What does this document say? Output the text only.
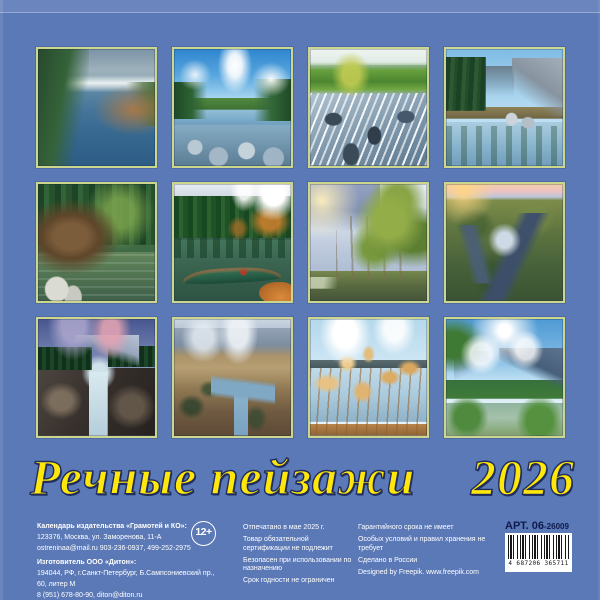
Речные пейзажи 2026
Календарь издательства «Грамотей и КО»:
123376, Москва, ул. Заморенова, 11-А
ostreninaa@mail.ru 903-236-0937, 499-252-2975
Изготовитель ООО «Дитон»:
194044, РФ, г.Санкт-Петербург, Б.Сампсониевский пр., 60, литер М
8 (951) 678-80-90, diton@diton.ru
12+	Отпечатано в мае 2025 г.
Товар обязательной сертификации не подлежит
Безопасен при использовании по назначению
Срок годности не ограничен
Гарантийного срока не имеет
Особых условий и правил хранения не требует
Сделано в России
Designed by Freepik. www.freepik.com
АРТ. 06-26009
4 687206 365711
